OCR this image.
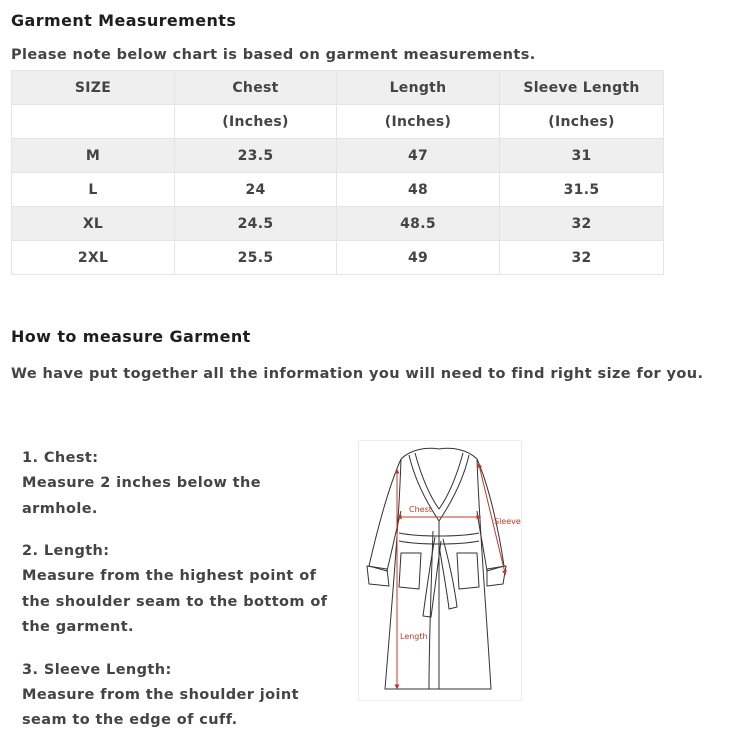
Garment Measurements

Please note below chart is based on garment measurements.

SIZE	Chest	Length	Sleeve Length
	(Inches)	(Inches)	(Inches)
M	23.5	47	31
L	24	48	31.5
XL	24.5	48.5	32
2XL	25.5	49	32
How to measure Garment

We have put together all the information you will need to find right size for you.

1. Chest:
Measure 2 inches below the armhole.
2. Length:
Measure from the highest point of
the shoulder seam to the bottom of
the garment.
3. Sleeve Length:
Measure from the shoulder joint
seam to the edge of cuff.
Chest
Sleeve
Length
